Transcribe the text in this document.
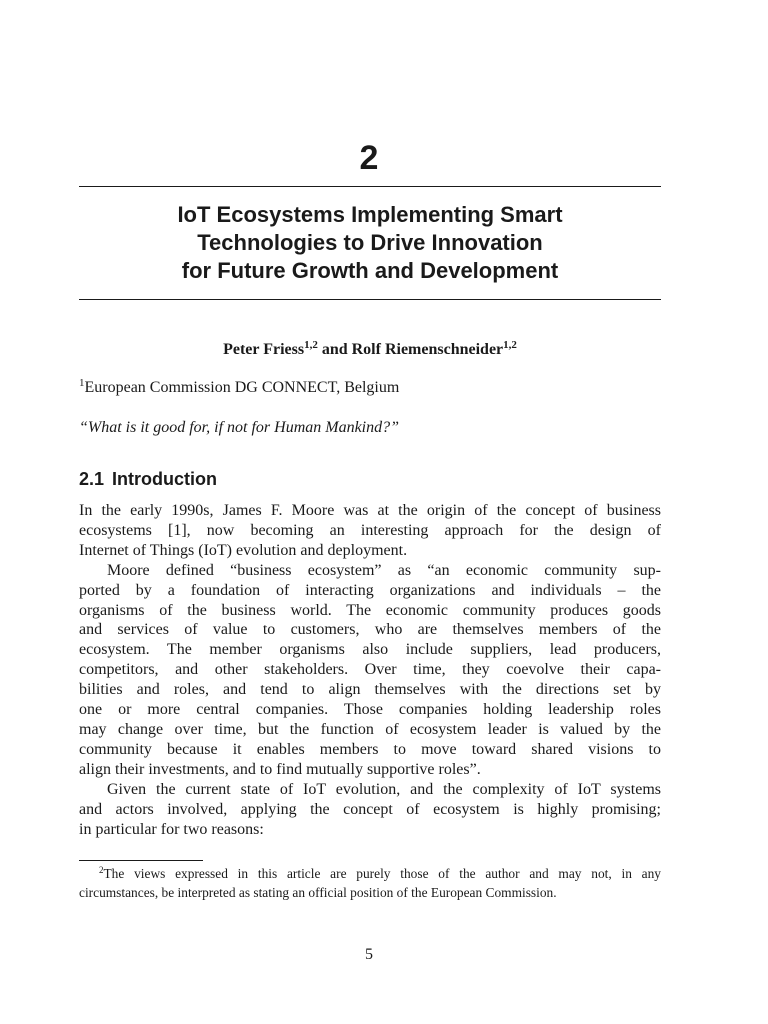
2
IoT Ecosystems Implementing Smart
Technologies to Drive Innovation
for Future Growth and Development
Peter Friess$^{1,2}$ and Rolf Riemenschneider$^{1,2}$
$^1$European Commission DG CONNECT, Belgium
“What is it good for, if not for Human Mankind?”
2.1 Introduction
In the early 1990s, James F. Moore was at the origin of the concept of business
ecosystems [1], now becoming an interesting approach for the design of
Internet of Things (IoT) evolution and deployment.
Moore defined “business ecosystem” as “an economic community sup-
ported by a foundation of interacting organizations and individuals – the
organisms of the business world. The economic community produces goods
and services of value to customers, who are themselves members of the
ecosystem. The member organisms also include suppliers, lead producers,
competitors, and other stakeholders. Over time, they coevolve their capa-
bilities and roles, and tend to align themselves with the directions set by
one or more central companies. Those companies holding leadership roles
may change over time, but the function of ecosystem leader is valued by the
community because it enables members to move toward shared visions to
align their investments, and to find mutually supportive roles”.
Given the current state of IoT evolution, and the complexity of IoT systems
and actors involved, applying the concept of ecosystem is highly promising;
in particular for two reasons:
$^2$The views expressed in this article are purely those of the author and may not, in any
circumstances, be interpreted as stating an official position of the European Commission.
5
